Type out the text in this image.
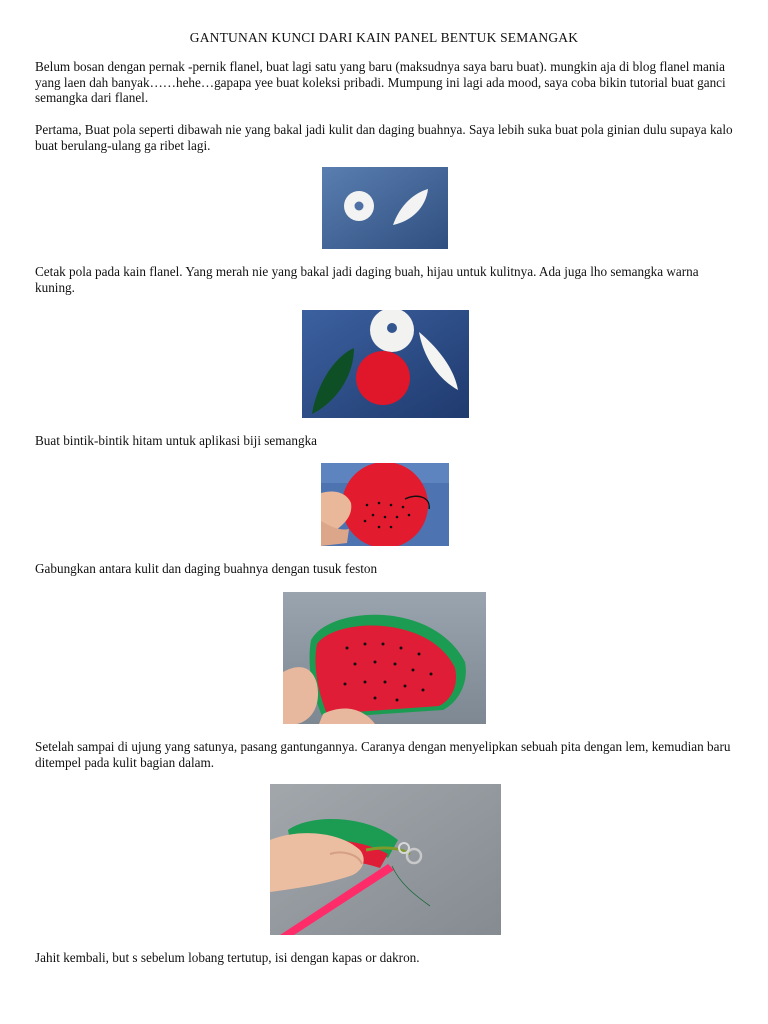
GANTUNAN KUNCI DARI KAIN PANEL BENTUK SEMANGAK

Belum bosan dengan pernak -pernik flanel, buat lagi satu yang baru (maksudnya saya baru buat). mungkin aja di blog flanel mania yang laen dah banyak……hehe…gapapa yee buat koleksi pribadi. Mumpung ini lagi ada mood, saya coba bikin tutorial buat ganci semangka dari flanel.

Pertama, Buat pola seperti dibawah nie yang bakal jadi kulit dan daging buahnya. Saya lebih suka buat pola ginian dulu supaya kalo buat berulang-ulang ga ribet lagi.

Cetak pola pada kain flanel. Yang merah nie yang bakal jadi daging buah, hijau untuk kulitnya. Ada juga lho semangka warna kuning.

Buat bintik-bintik hitam untuk aplikasi biji semangka

Gabungkan antara kulit dan daging buahnya dengan tusuk feston

Setelah sampai di ujung yang satunya, pasang gantungannya. Caranya dengan menyelipkan sebuah pita dengan lem, kemudian baru ditempel pada kulit bagian dalam.

Jahit kembali, but s sebelum lobang tertutup, isi dengan kapas or dakron.
